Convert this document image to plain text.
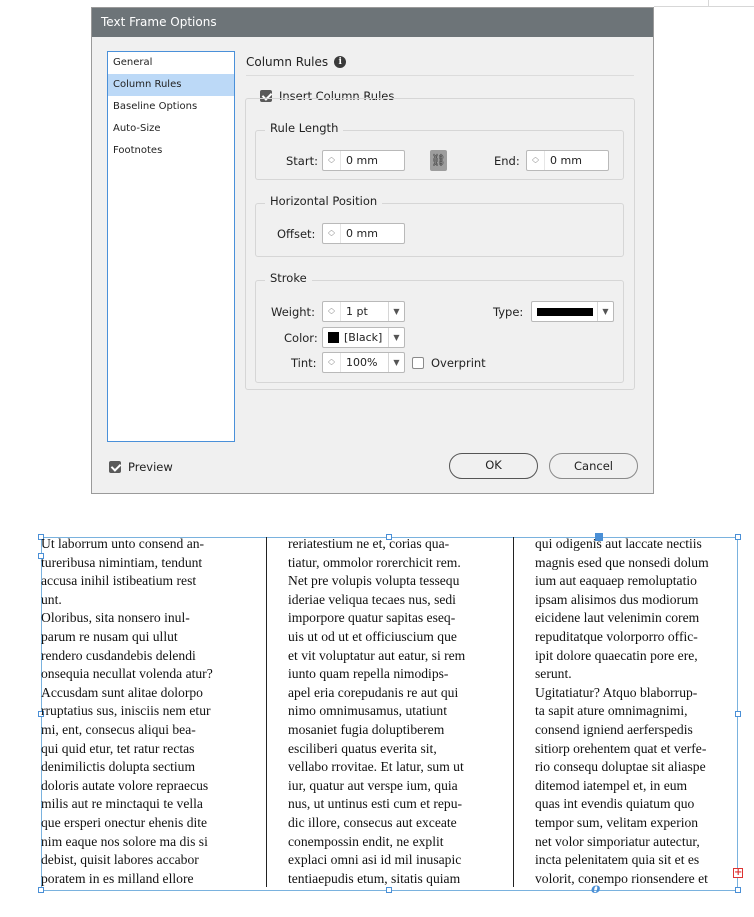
Text Frame Options
General
Column Rules
Baseline Options
Auto-Size
Footnotes
Column Rules	i
Insert Column Rules
Rule Length
Start: ︿
﹀	0 mm	⛓	End: ︿
﹀	0 mm
Horizontal Position
Offset: ︿
﹀	0 mm
Stroke
Weight: ︿
﹀	1 pt	▼	Type:	▼
Color:	[Black]	▼
Tint: ︿
﹀	100%	▼	Overprint
Preview	OK	Cancel

Ut laborrum unto consend an-

tureribusa nimintiam, tendunt

accusa inihil istibeatium rest

unt.

Oloribus, sita nonsero inul-

parum re nusam qui ullut

rendero cusdandebis delendi

onsequia necullat volenda atur?

Accusdam sunt alitae dolorpo

rruptatius sus, inisciis nem etur

mi, ent, consecus aliqui bea-

qui quid etur, tet ratur rectas

denimilictis dolupta sectium

doloris autate volore repraecus

milis aut re minctaqui te vella

que ersperi onectur ehenis dite

nim eaque nos solore ma dis si

debist, quisit labores accabor

poratem in es milland ellore

reriatestium ne et, corias qua-

tiatur, ommolor rorerchicit rem.

Net pre volupis volupta tessequ

ideriae veliqua tecaes nus, sedi

imporpore quatur sapitas eseq-

uis ut od ut et officiuscium que

et vit voluptatur aut eatur, si rem

iunto quam repella nimodips-

apel eria corepudanis re aut qui

nimo omnimusamus, utatiunt

mosaniet fugia doluptiberem

esciliberi quatus everita sit,

vellabo rrovitae. Et latur, sum ut

iur, quatur aut verspe ium, quia

nus, ut untinus esti cum et repu-

dic illore, consecus aut exceate

conempossin endit, ne explit

explaci omni asi id mil inusapic

tentiaepudis etum, sitatis quiam

qui odigenis aut laccate nectiis

magnis esed que nonsedi dolum

ium aut eaquaep remoluptatio

ipsam alisimos dus modiorum

eicidene laut velenimin corem

repuditatque volorporro offic-

ipit dolore quaecatin pore ere,

serunt.

Ugitatiatur? Atquo blaborrup-

ta sapit ature omnimagnimi,

consend igniend aerferspedis

sitiorp orehentem quat et verfe-

rio consequ doluptae sit aliaspe

ditemod iatempel et, in eum

quas int evendis quiatum quo

tempor sum, velitam experion

net volor simporiatur autectur,

incta pelenitatem quia sit et es

volorit, conempo rionsendere et	+
o
